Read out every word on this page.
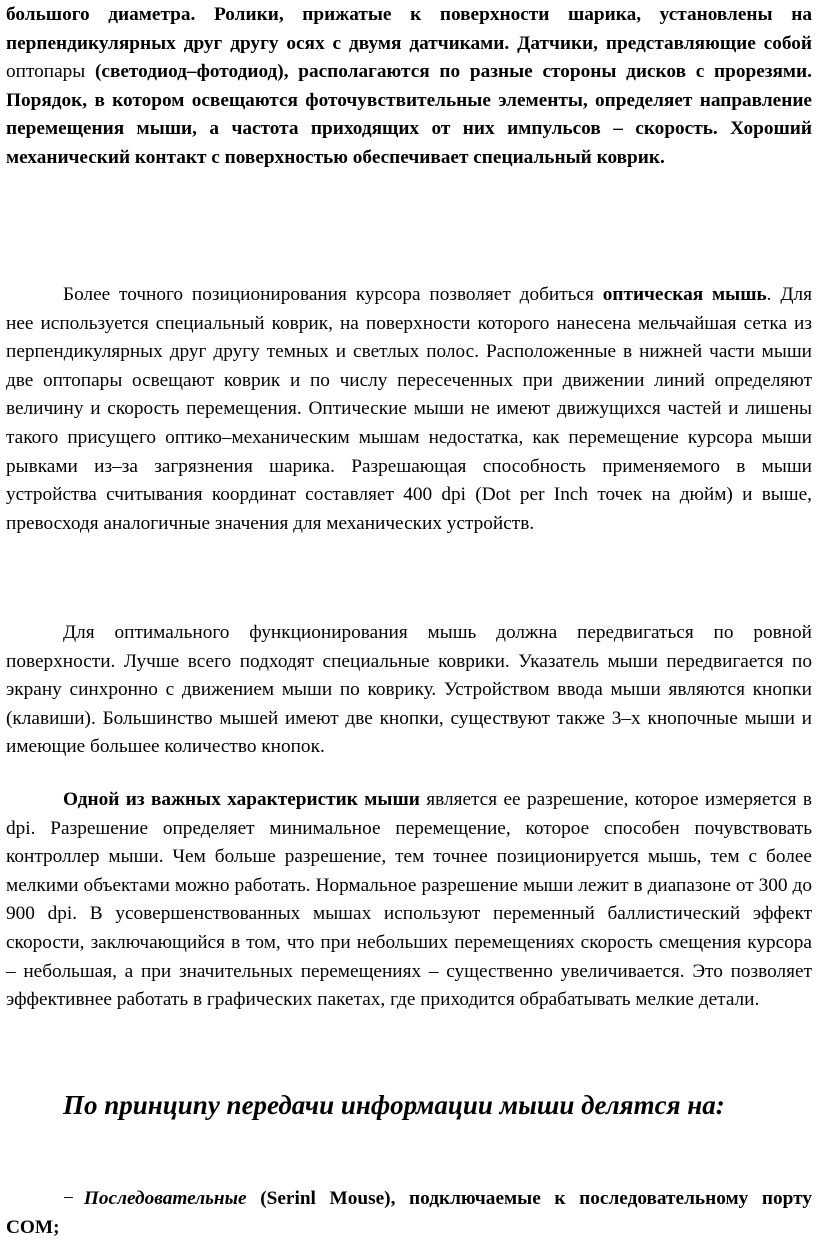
большого диаметра. Ролики, прижатые к поверхности шарика, установлены на перпендикулярных друг другу осях с двумя датчиками. Датчики, представляющие собой оптопары (светодиод–фотодиод), располагаются по разные стороны дисков с прорезями. Порядок, в котором освещаются фоточувствительные элементы, определяет направление перемещения мыши, а частота приходящих от них импульсов – скорость. Хороший механический контакт с поверхностью обеспечивает специальный коврик.

Более точного позиционирования курсора позволяет добиться оптическая мышь. Для нее используется специальный коврик, на поверхности которого нанесена мельчайшая сетка из перпендикулярных друг другу темных и светлых полос. Расположенные в нижней части мыши две оптопары освещают коврик и по числу пересеченных при движении линий определяют величину и скорость перемещения. Оптические мыши не имеют движущихся частей и лишены такого присущего оптико–механическим мышам недостатка, как перемещение курсора мыши рывками из–за загрязнения шарика. Разрешающая способность применяемого в мыши устройства считывания координат составляет 400 dpi (Dot per Inch точек на дюйм) и выше, превосходя аналогичные значения для механических устройств.

Для оптимального функционирования мышь должна передвигаться по ровной поверхности. Лучше всего подходят специальные коврики. Указатель мыши передвигается по экрану синхронно с движением мыши по коврику. Устройством ввода мыши являются кнопки (клавиши). Большинство мышей имеют две кнопки, существуют также 3–х кнопочные мыши и имеющие большее количество кнопок.

Одной из важных характеристик мыши является ее разрешение, которое измеряется в dpi. Разрешение определяет минимальное перемещение, которое способен почувствовать контроллер мыши. Чем больше разрешение, тем точнее позиционируется мышь, тем с более мелкими объектами можно работать. Нормальное разрешение мыши лежит в диапазоне от 300 до 900 dpi. В усовершенствованных мышах используют переменный баллистический эффект скорости, заключающийся в том, что при небольших перемещениях скорость смещения курсора – небольшая, а при значительных перемещениях – существенно увеличивается. Это позволяет эффективнее работать в графических пакетах, где приходится обрабатывать мелкие детали.

По принципу передачи информации мыши делятся на:

− Последовательные (Serinl Mouse), подключаемые к последовательному порту COM;
